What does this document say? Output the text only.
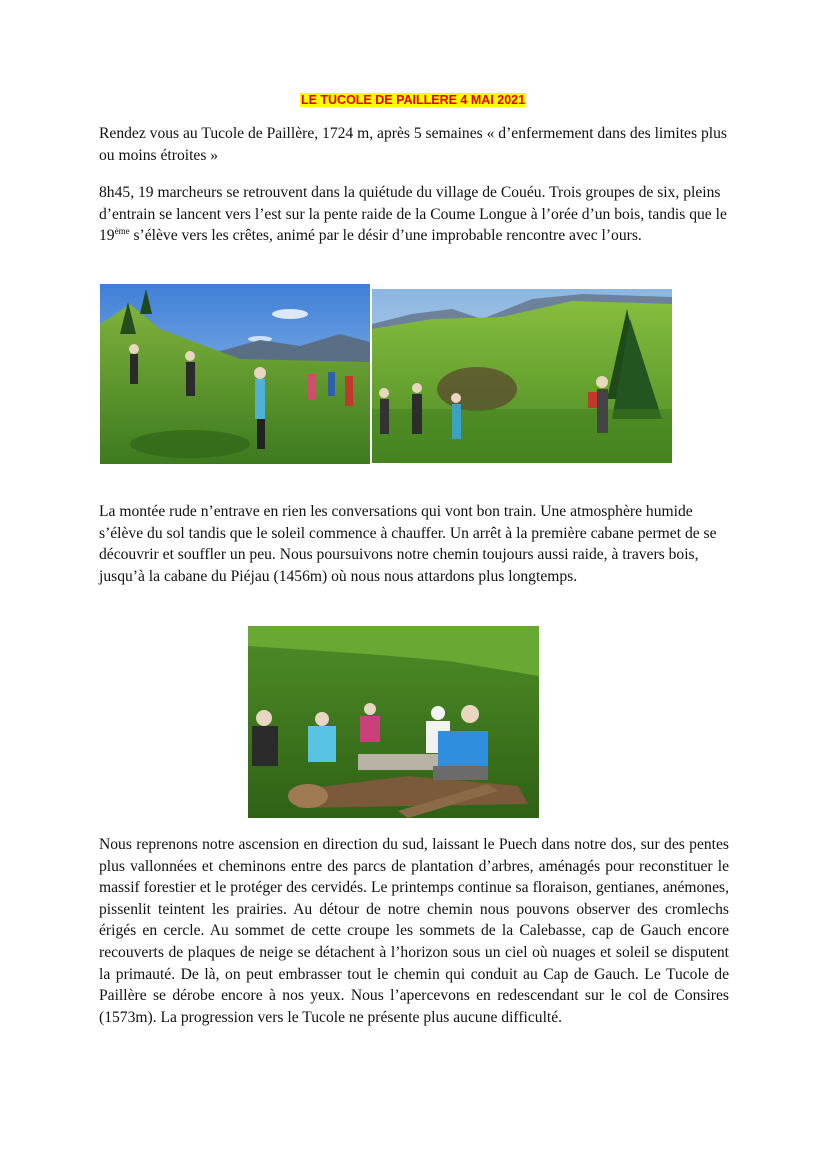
LE TUCOLE DE PAILLERE 4 MAI 2021

Rendez vous au Tucole de Paillère, 1724 m, après 5 semaines « d’enfermement dans des limites plus ou moins étroites »

8h45, 19 marcheurs se retrouvent dans la quiétude du village de Couéu. Trois groupes de six, pleins d’entrain se lancent vers l’est sur la pente raide de la Coume Longue à l’orée d’un bois, tandis que le 19ème s’élève vers les crêtes, animé par le désir d’une improbable rencontre avec l’ours.

La montée rude n’entrave en rien les conversations qui vont bon train. Une atmosphère humide s’élève du sol tandis que le soleil commence à chauffer. Un arrêt à la première cabane permet de se découvrir et souffler un peu. Nous poursuivons notre chemin toujours aussi raide, à travers bois, jusqu’à la cabane du Piéjau (1456m) où nous nous attardons plus longtemps.

Nous reprenons notre ascension en direction du sud, laissant le Puech dans notre dos, sur des pentes plus vallonnées et cheminons entre des parcs de plantation d’arbres, aménagés pour reconstituer le massif forestier et le protéger des cervidés. Le printemps continue sa floraison, gentianes, anémones, pissenlit teintent les prairies. Au détour de notre chemin nous pouvons observer des cromlechs érigés en cercle. Au sommet de cette croupe les sommets de la Calebasse, cap de Gauch encore recouverts de plaques de neige se détachent à l’horizon sous un ciel où nuages et soleil se disputent la primauté. De là, on peut embrasser tout le chemin qui conduit au Cap de Gauch. Le Tucole de Paillère se dérobe encore à nos yeux. Nous l’apercevons en redescendant sur le col de Consires (1573m). La progression vers le Tucole ne présente plus aucune difficulté.
